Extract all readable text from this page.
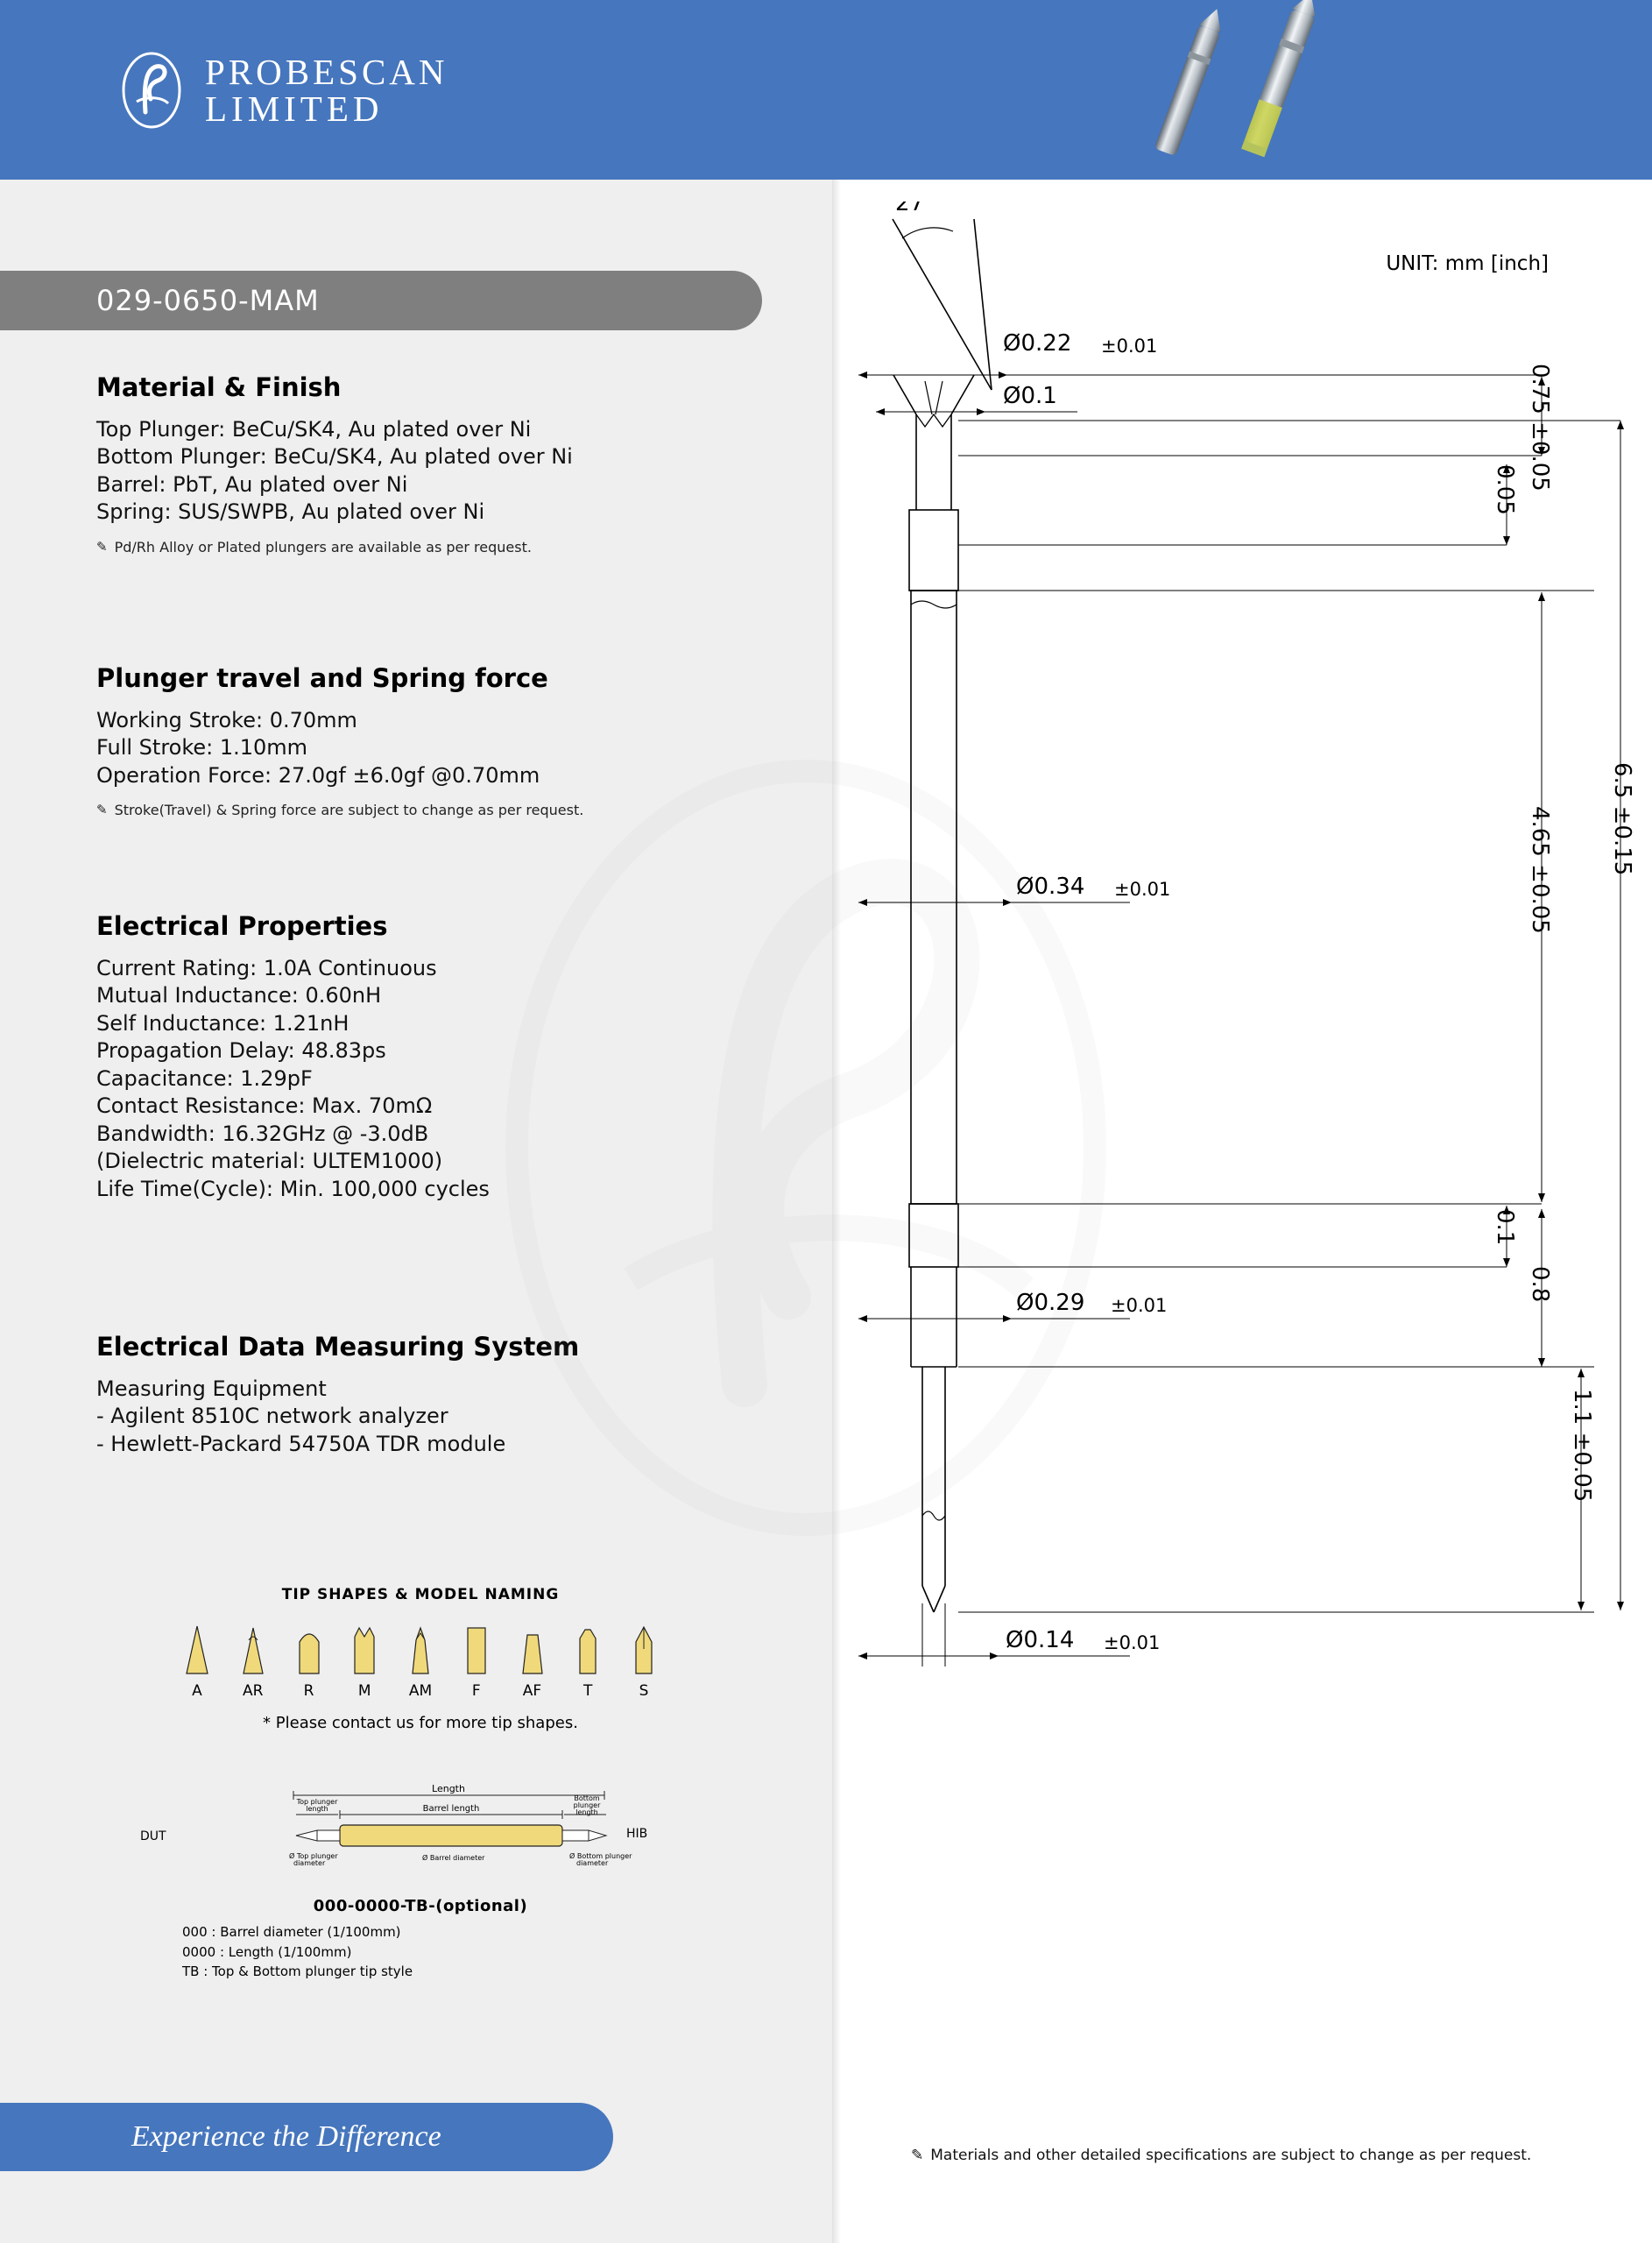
PROBESCAN
LIMITED
029-0650-MAM
Material & Finish

Top Plunger: BeCu/SK4, Au plated over Ni

Bottom Plunger: BeCu/SK4, Au plated over Ni

Barrel: PbT, Au plated over Ni

Spring: SUS/SWPB, Au plated over Ni

✎ Pd/Rh Alloy or Plated plungers are available as per request.
Plunger travel and Spring force

Working Stroke: 0.70mm

Full Stroke: 1.10mm

Operation Force: 27.0gf ±6.0gf @0.70mm

✎ Stroke(Travel) & Spring force are subject to change as per request.
Electrical Properties

Current Rating: 1.0A Continuous

Mutual Inductance: 0.60nH

Self Inductance: 1.21nH

Propagation Delay: 48.83ps

Capacitance: 1.29pF

Contact Resistance: Max. 70mΩ

Bandwidth: 16.32GHz @ -3.0dB

(Dielectric material: ULTEM1000)

Life Time(Cycle): Min. 100,000 cycles

Electrical Data Measuring System

Measuring Equipment

- Agilent 8510C network analyzer

- Hewlett-Packard 54750A TDR module

TIP SHAPES & MODEL NAMING
A	AR	R	M	AM	F	AF	T	S
* Please contact us for more tip shapes.
Length
Barrel length
Top plunger
length
Bottom
plunger
length
DUT	HIB
Ø Top plunger
diameter
Ø Barrel diameter	Ø Bottom plunger
diameter
000-0000-TB-(optional)
000 : Barrel diameter (1/100mm)
0000 : Length (1/100mm)
TB : Top & Bottom plunger tip style
Experience the Difference
UNIT: mm [inch]
27°
Ø0.22 ±0.01
Ø0.1	0.75 ±0.05
0.05
4.65 ±0.05 6.5 ±0.15
0.1
0.8
1.1 ±0.05
Ø0.34 ±0.01
Ø0.29 ±0.01
Ø0.14 ±0.01
✎ Materials and other detailed specifications are subject to change as per request.
